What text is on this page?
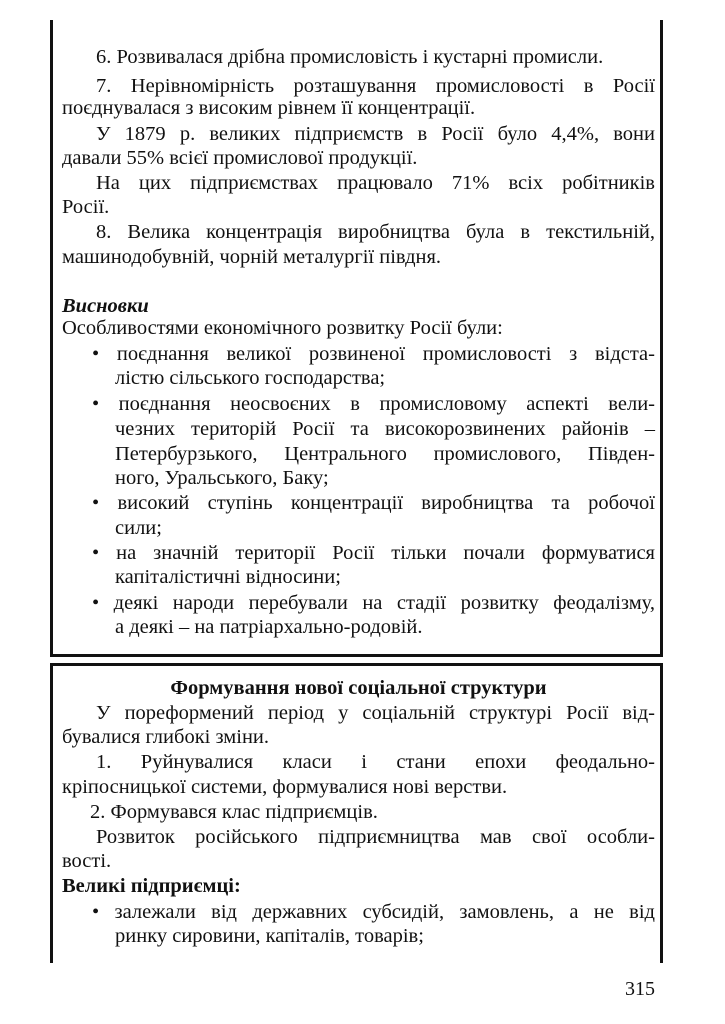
6. Розвивалася дрібна промисловість і кустарні промисли.
7. Нерівномірність розташування промисловості в Росії
поєднувалася з високим рівнем її концентрації.
У 1879 р. великих підприємств в Росії було 4,4%, вони
давали 55% всієї промислової продукції.
На цих підприємствах працювало 71% всіх робітників
Росії.
8. Велика концентрація виробництва була в текстильній,
машинодобувній, чорній металургії півдня.
Висновки
Особливостями економічного розвитку Росії були:
• поєднання великої розвиненої промисловості з відста-
лістю сільського господарства;
• поєднання неосвоєних в промисловому аспекті вели-
чезних територій Росії та високорозвинених районів –
Петербурзького, Центрального промислового, Півден-
ного, Уральського, Баку;
• високий ступінь концентрації виробництва та робочої
сили;
• на значній території Росії тільки почали формуватися
капіталістичні відносини;
• деякі народи перебували на стадії розвитку феодалізму,
а деякі – на патріархально-родовій.
Формування нової соціальної структури
У пореформений період у соціальній структурі Росії від-
бувалися глибокі зміни.
1. Руйнувалися класи і стани епохи феодально-
кріпосницької системи, формувалися нові верстви.
2. Формувався клас підприємців.
Розвиток російського підприємництва мав свої особли-
вості.
Великі підприємці:
• залежали від державних субсидій, замовлень, а не від
ринку сировини, капіталів, товарів;
315
